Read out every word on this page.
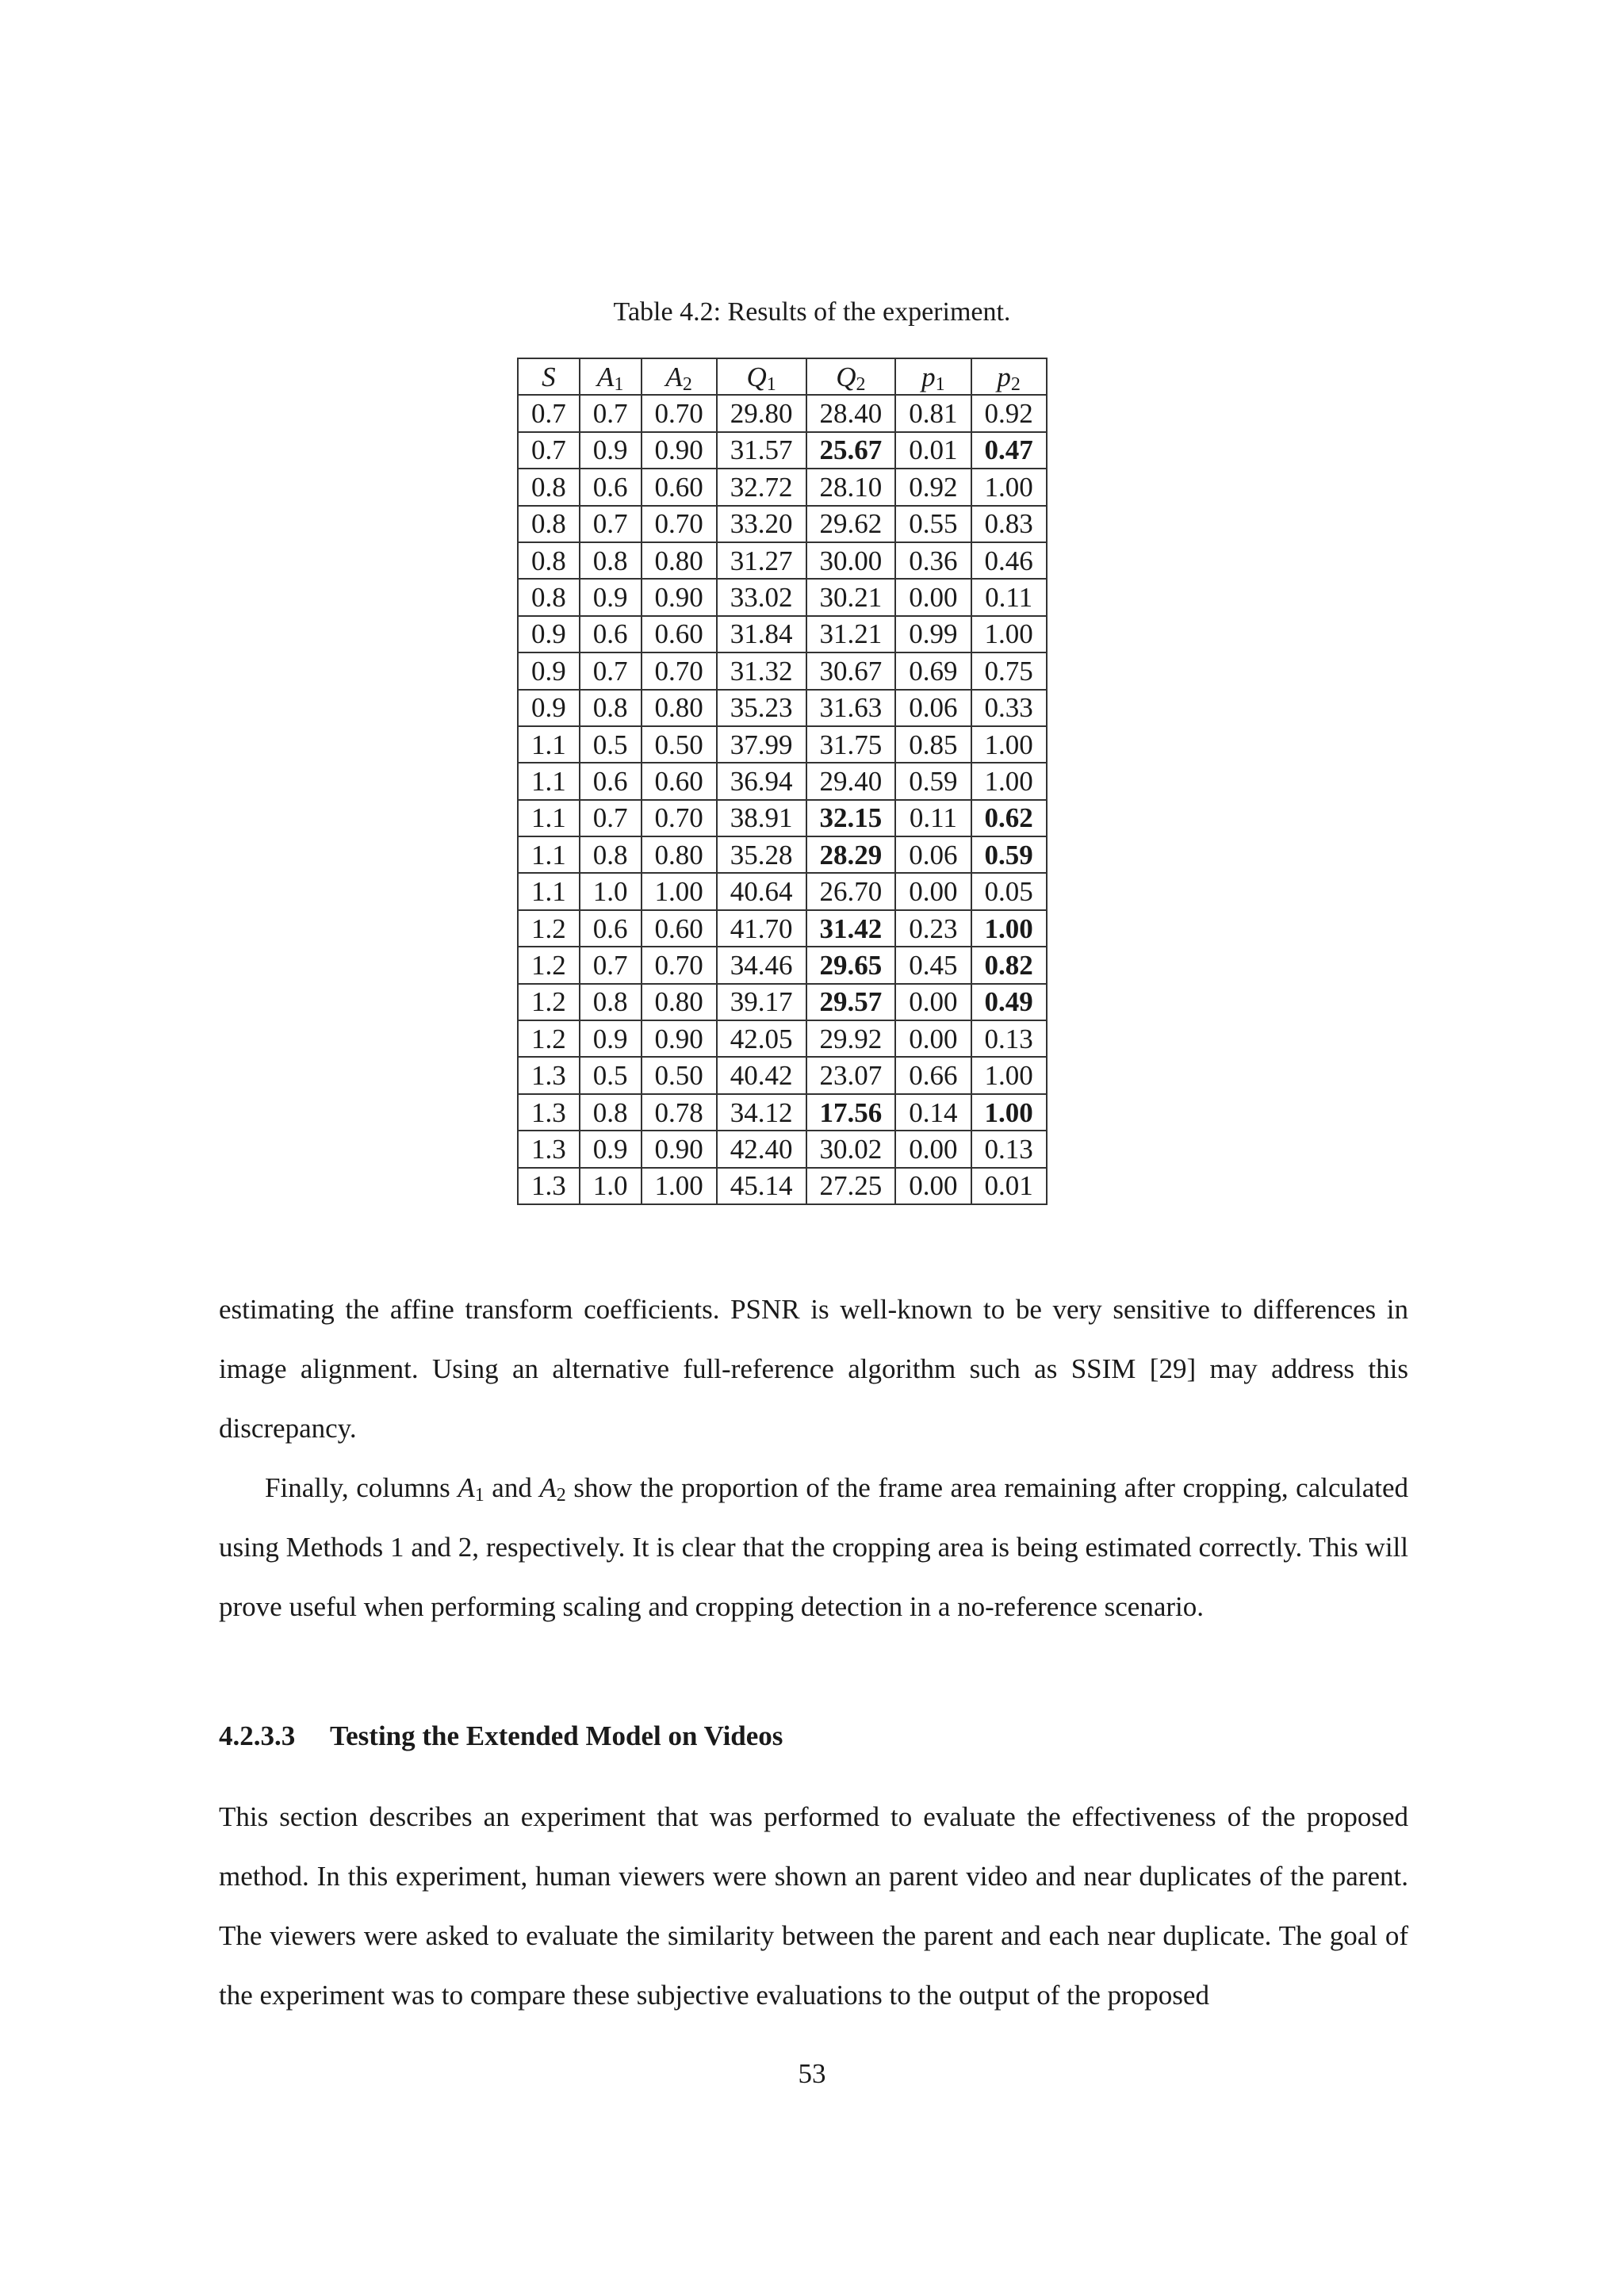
Table 4.2: Results of the experiment.
S	$A_1$	$A_2$	$Q_1$	$Q_2$	$p_1$	$p_2$
0.7	0.7	0.70	29.80	28.40	0.81	0.92
0.7	0.9	0.90	31.57	25.67	0.01	0.47
0.8	0.6	0.60	32.72	28.10	0.92	1.00
0.8	0.7	0.70	33.20	29.62	0.55	0.83
0.8	0.8	0.80	31.27	30.00	0.36	0.46
0.8	0.9	0.90	33.02	30.21	0.00	0.11
0.9	0.6	0.60	31.84	31.21	0.99	1.00
0.9	0.7	0.70	31.32	30.67	0.69	0.75
0.9	0.8	0.80	35.23	31.63	0.06	0.33
1.1	0.5	0.50	37.99	31.75	0.85	1.00
1.1	0.6	0.60	36.94	29.40	0.59	1.00
1.1	0.7	0.70	38.91	32.15	0.11	0.62
1.1	0.8	0.80	35.28	28.29	0.06	0.59
1.1	1.0	1.00	40.64	26.70	0.00	0.05
1.2	0.6	0.60	41.70	31.42	0.23	1.00
1.2	0.7	0.70	34.46	29.65	0.45	0.82
1.2	0.8	0.80	39.17	29.57	0.00	0.49
1.2	0.9	0.90	42.05	29.92	0.00	0.13
1.3	0.5	0.50	40.42	23.07	0.66	1.00
1.3	0.8	0.78	34.12	17.56	0.14	1.00
1.3	0.9	0.90	42.40	30.02	0.00	0.13
1.3	1.0	1.00	45.14	27.25	0.00	0.01

estimating the affine transform coefficients. PSNR is well-known to be very sensitive to differences in image alignment. Using an alternative full-reference algorithm such as SSIM [29] may address this discrepancy.

Finally, columns $A_1$ and $A_2$ show the proportion of the frame area remaining after cropping, calculated using Methods 1 and 2, respectively. It is clear that the cropping area is being estimated correctly. This will prove useful when performing scaling and cropping detection in a no-reference scenario.

4.2.3.3 Testing the Extended Model on Videos

This section describes an experiment that was performed to evaluate the effectiveness of the proposed method. In this experiment, human viewers were shown an parent video and near duplicates of the parent. The viewers were asked to evaluate the similarity between the parent and each near duplicate. The goal of the experiment was to compare these subjective evaluations to the output of the proposed

53
